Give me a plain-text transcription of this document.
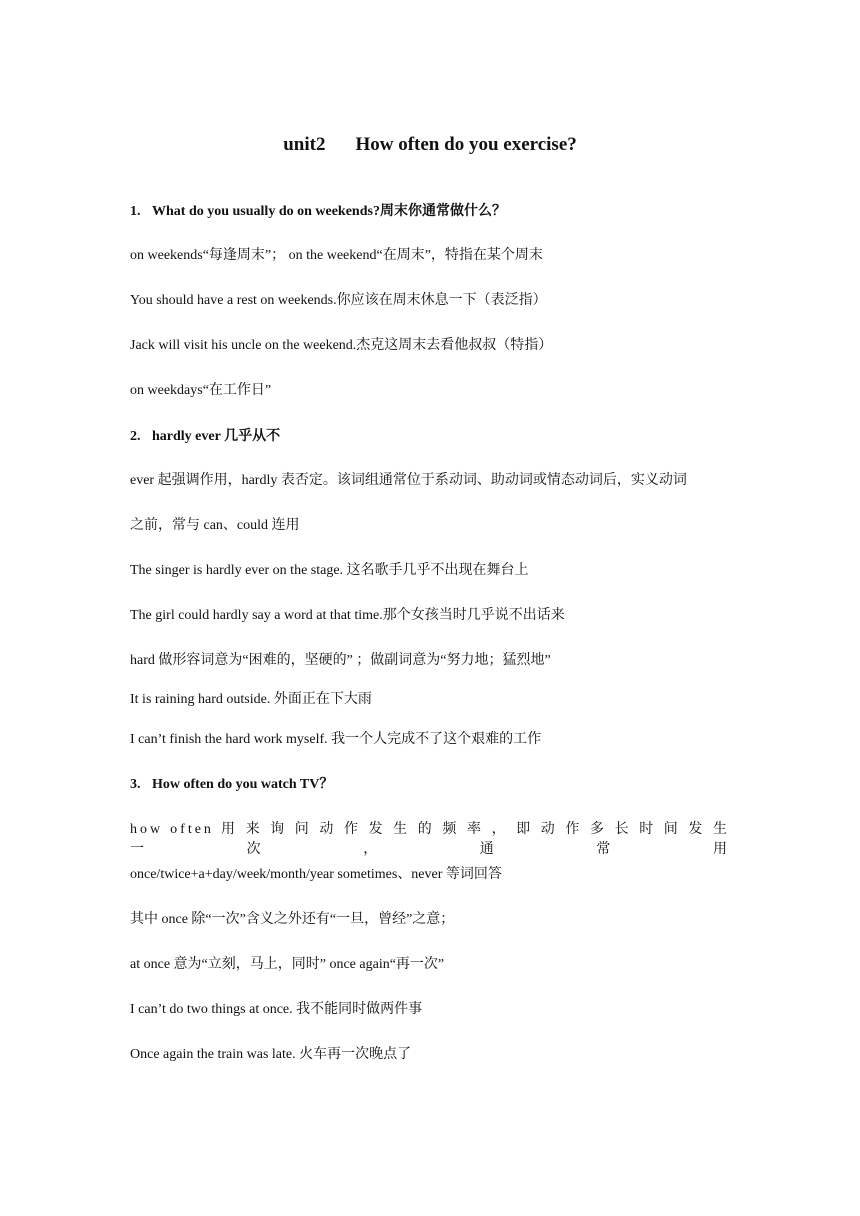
unit2 How often do you exercise?
1. What do you usually do on weekends?周末你通常做什么？
on weekends“每逢周末”； on the weekend“在周末”，特指在某个周末
You should have a rest on weekends.你应该在周末休息一下（表泛指）
Jack will visit his uncle on the weekend.杰克这周末去看他叔叔（特指）
on weekdays“在工作日”
2. hardly ever 几乎从不
ever 起强调作用，hardly 表否定。该词组通常位于系动词、助动词或情态动词后，实义动词
之前，常与 can、could 连用
The singer is hardly ever on the stage. 这名歌手几乎不出现在舞台上
The girl could hardly say a word at that time.那个女孩当时几乎说不出话来
hard 做形容词意为“困难的，坚硬的” ；做副词意为“努力地；猛烈地”
It is raining hard outside. 外面正在下大雨
I can’t finish the hard work myself. 我一个人完成不了这个艰难的工作
3. How often do you watch TV？
how often 用 来 询 问 动 作 发 生 的 频 率 ， 即 动 作 多 长 时 间 发 生 一 次 ， 通 常 用
once/twice+a+day/week/month/year sometimes、never 等词回答
其中 once 除“一次”含义之外还有“一旦，曾经”之意；
at once 意为“立刻，马上，同时” once again“再一次”
I can’t do two things at once. 我不能同时做两件事
Once again the train was late. 火车再一次晚点了
